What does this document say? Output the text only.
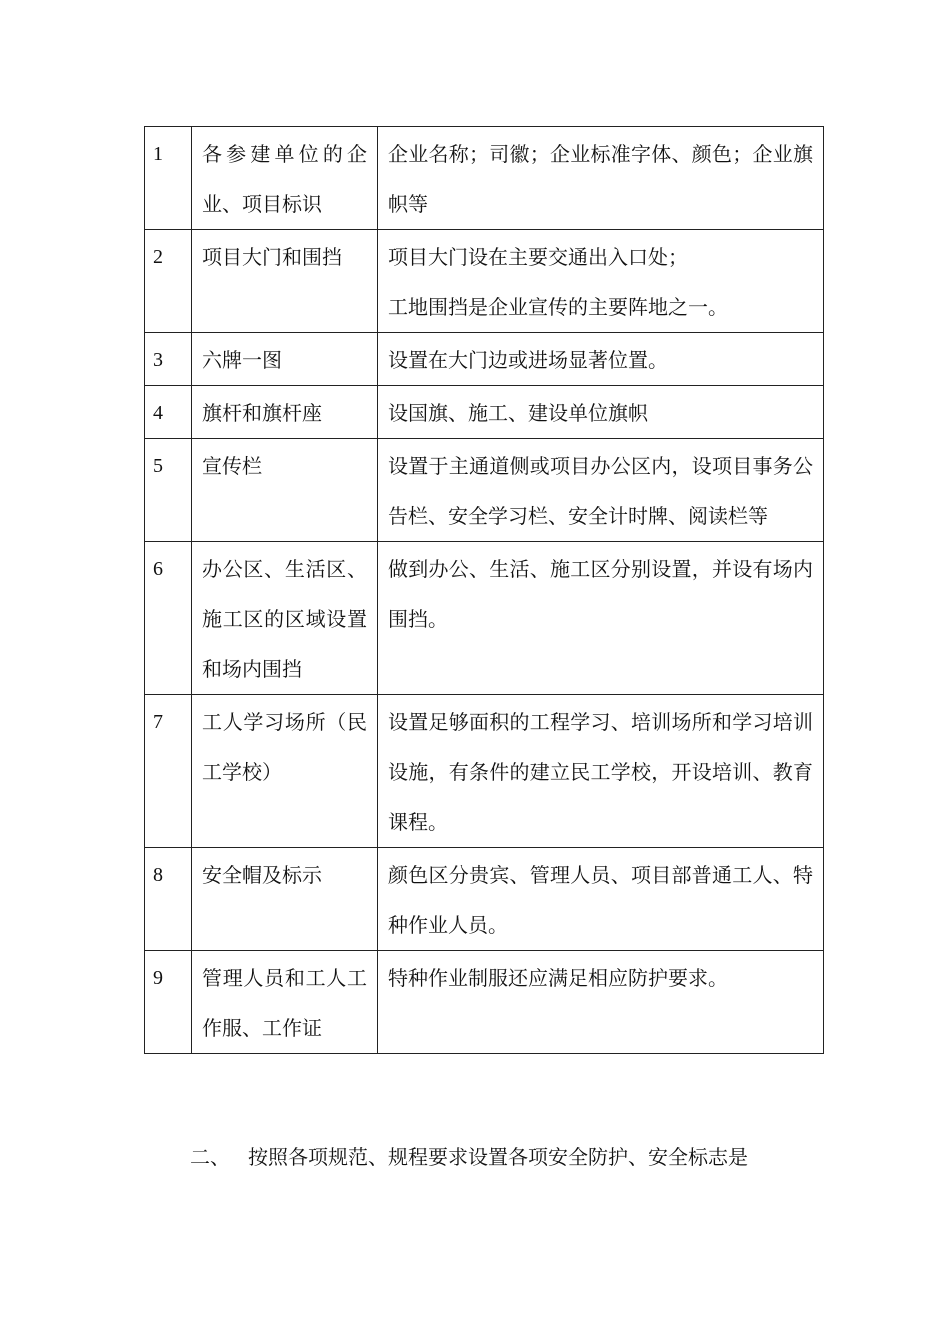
1	各参建单位的企业、项目标识	企业名称；司徽；企业标准字体、颜色；企业旗帜等

2	项目大门和围挡	项目大门设在主要交通出入口处；
工地围挡是企业宣传的主要阵地之一。

3	六牌一图	设置在大门边或进场显著位置。

4	旗杆和旗杆座	设国旗、施工、建设单位旗帜

5	宣传栏	设置于主通道侧或项目办公区内，设项目事务公告栏、安全学习栏、安全计时牌、阅读栏等

6	办公区、生活区、施工区的区域设置和场内围挡	做到办公、生活、施工区分别设置，并设有场内围挡。

7	工人学习场所（民工学校）	设置足够面积的工程学习、培训场所和学习培训设施，有条件的建立民工学校，开设培训、教育课程。

8	安全帽及标示	颜色区分贵宾、管理人员、项目部普通工人、特种作业人员。

9	管理人员和工人工作服、工作证	特种作业制服还应满足相应防护要求。
二、 按照各项规范、规程要求设置各项安全防护、安全标志是
